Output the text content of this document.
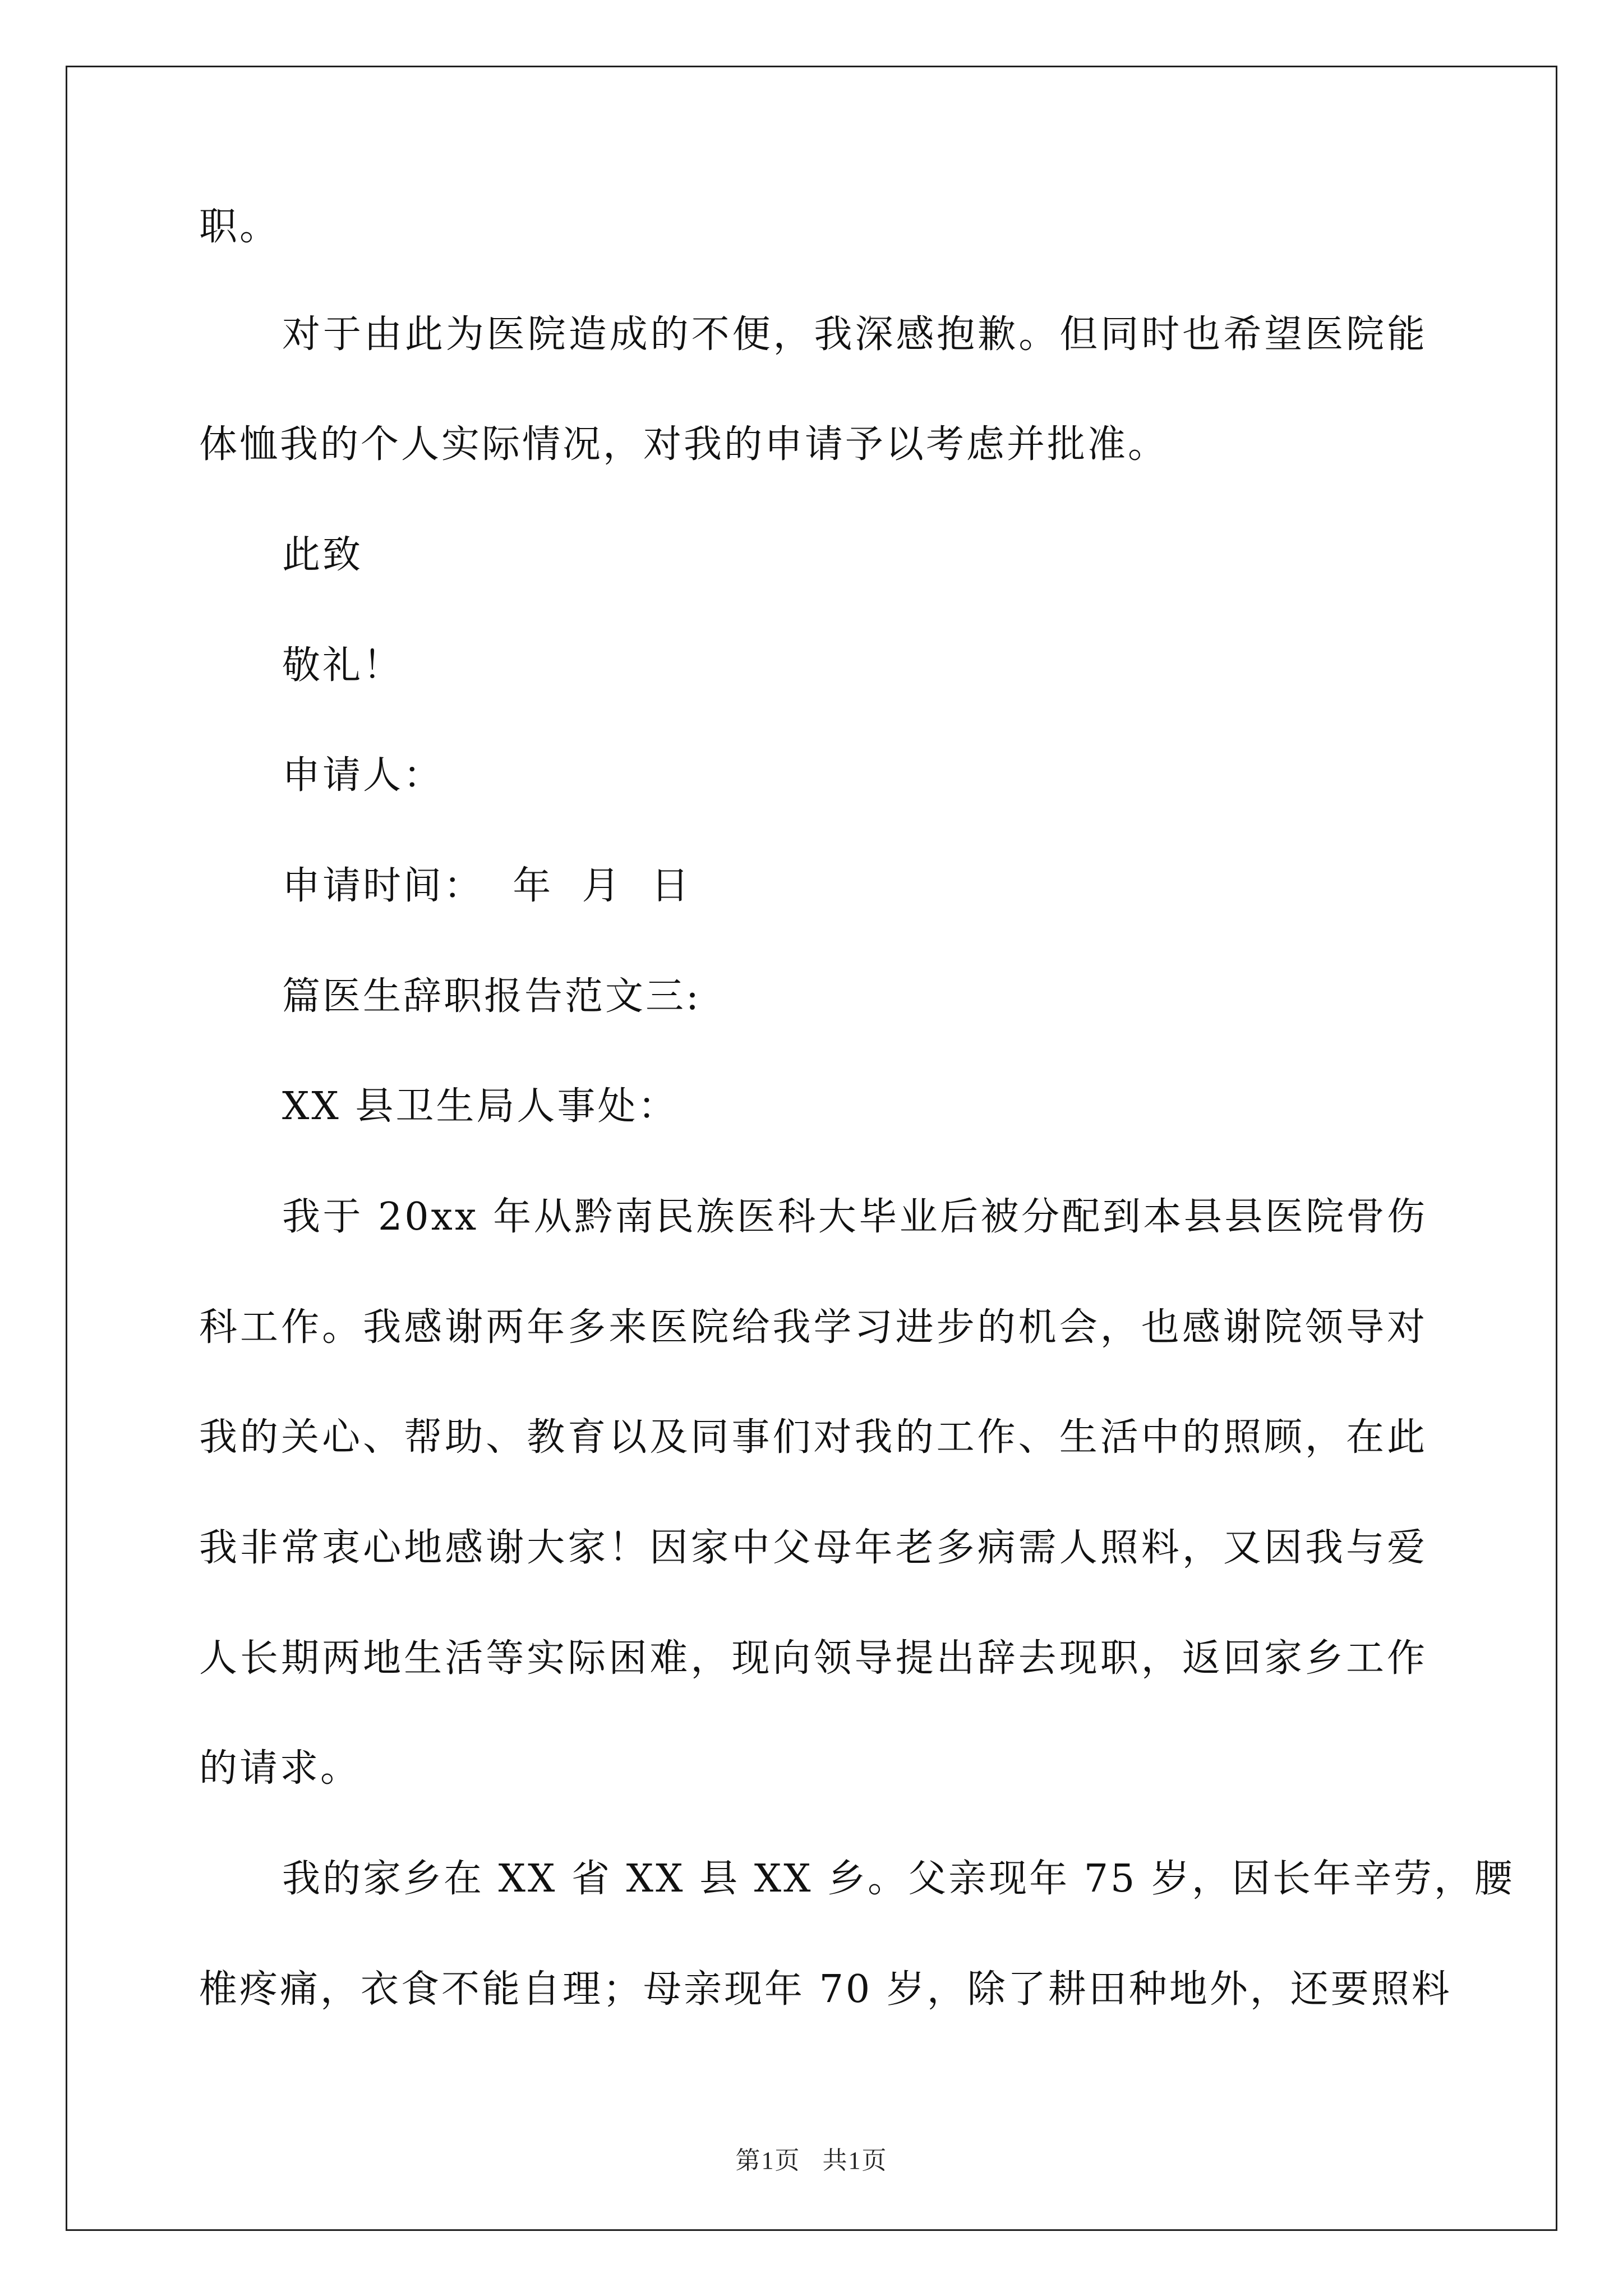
职。
对于由此为医院造成的不便，我深感抱歉。但同时也希望医院能
体恤我的个人实际情况，对我的申请予以考虑并批准。
此致
敬礼！
申请人：
申请时间：  年  月  日
篇医生辞职报告范文三:
XX 县卫生局人事处：
我于 20xx 年从黔南民族医科大毕业后被分配到本县县医院骨伤
科工作。我感谢两年多来医院给我学习进步的机会，也感谢院领导对
我的关心、帮助、教育以及同事们对我的工作、生活中的照顾，在此
我非常衷心地感谢大家！因家中父母年老多病需人照料，又因我与爱
人长期两地生活等实际困难，现向领导提出辞去现职，返回家乡工作
的请求。
我的家乡在 XX 省 XX 县 XX 乡。父亲现年 75 岁，因长年辛劳，腰
椎疼痛，衣食不能自理；母亲现年 70 岁，除了耕田种地外，还要照料
第1页   共1页
